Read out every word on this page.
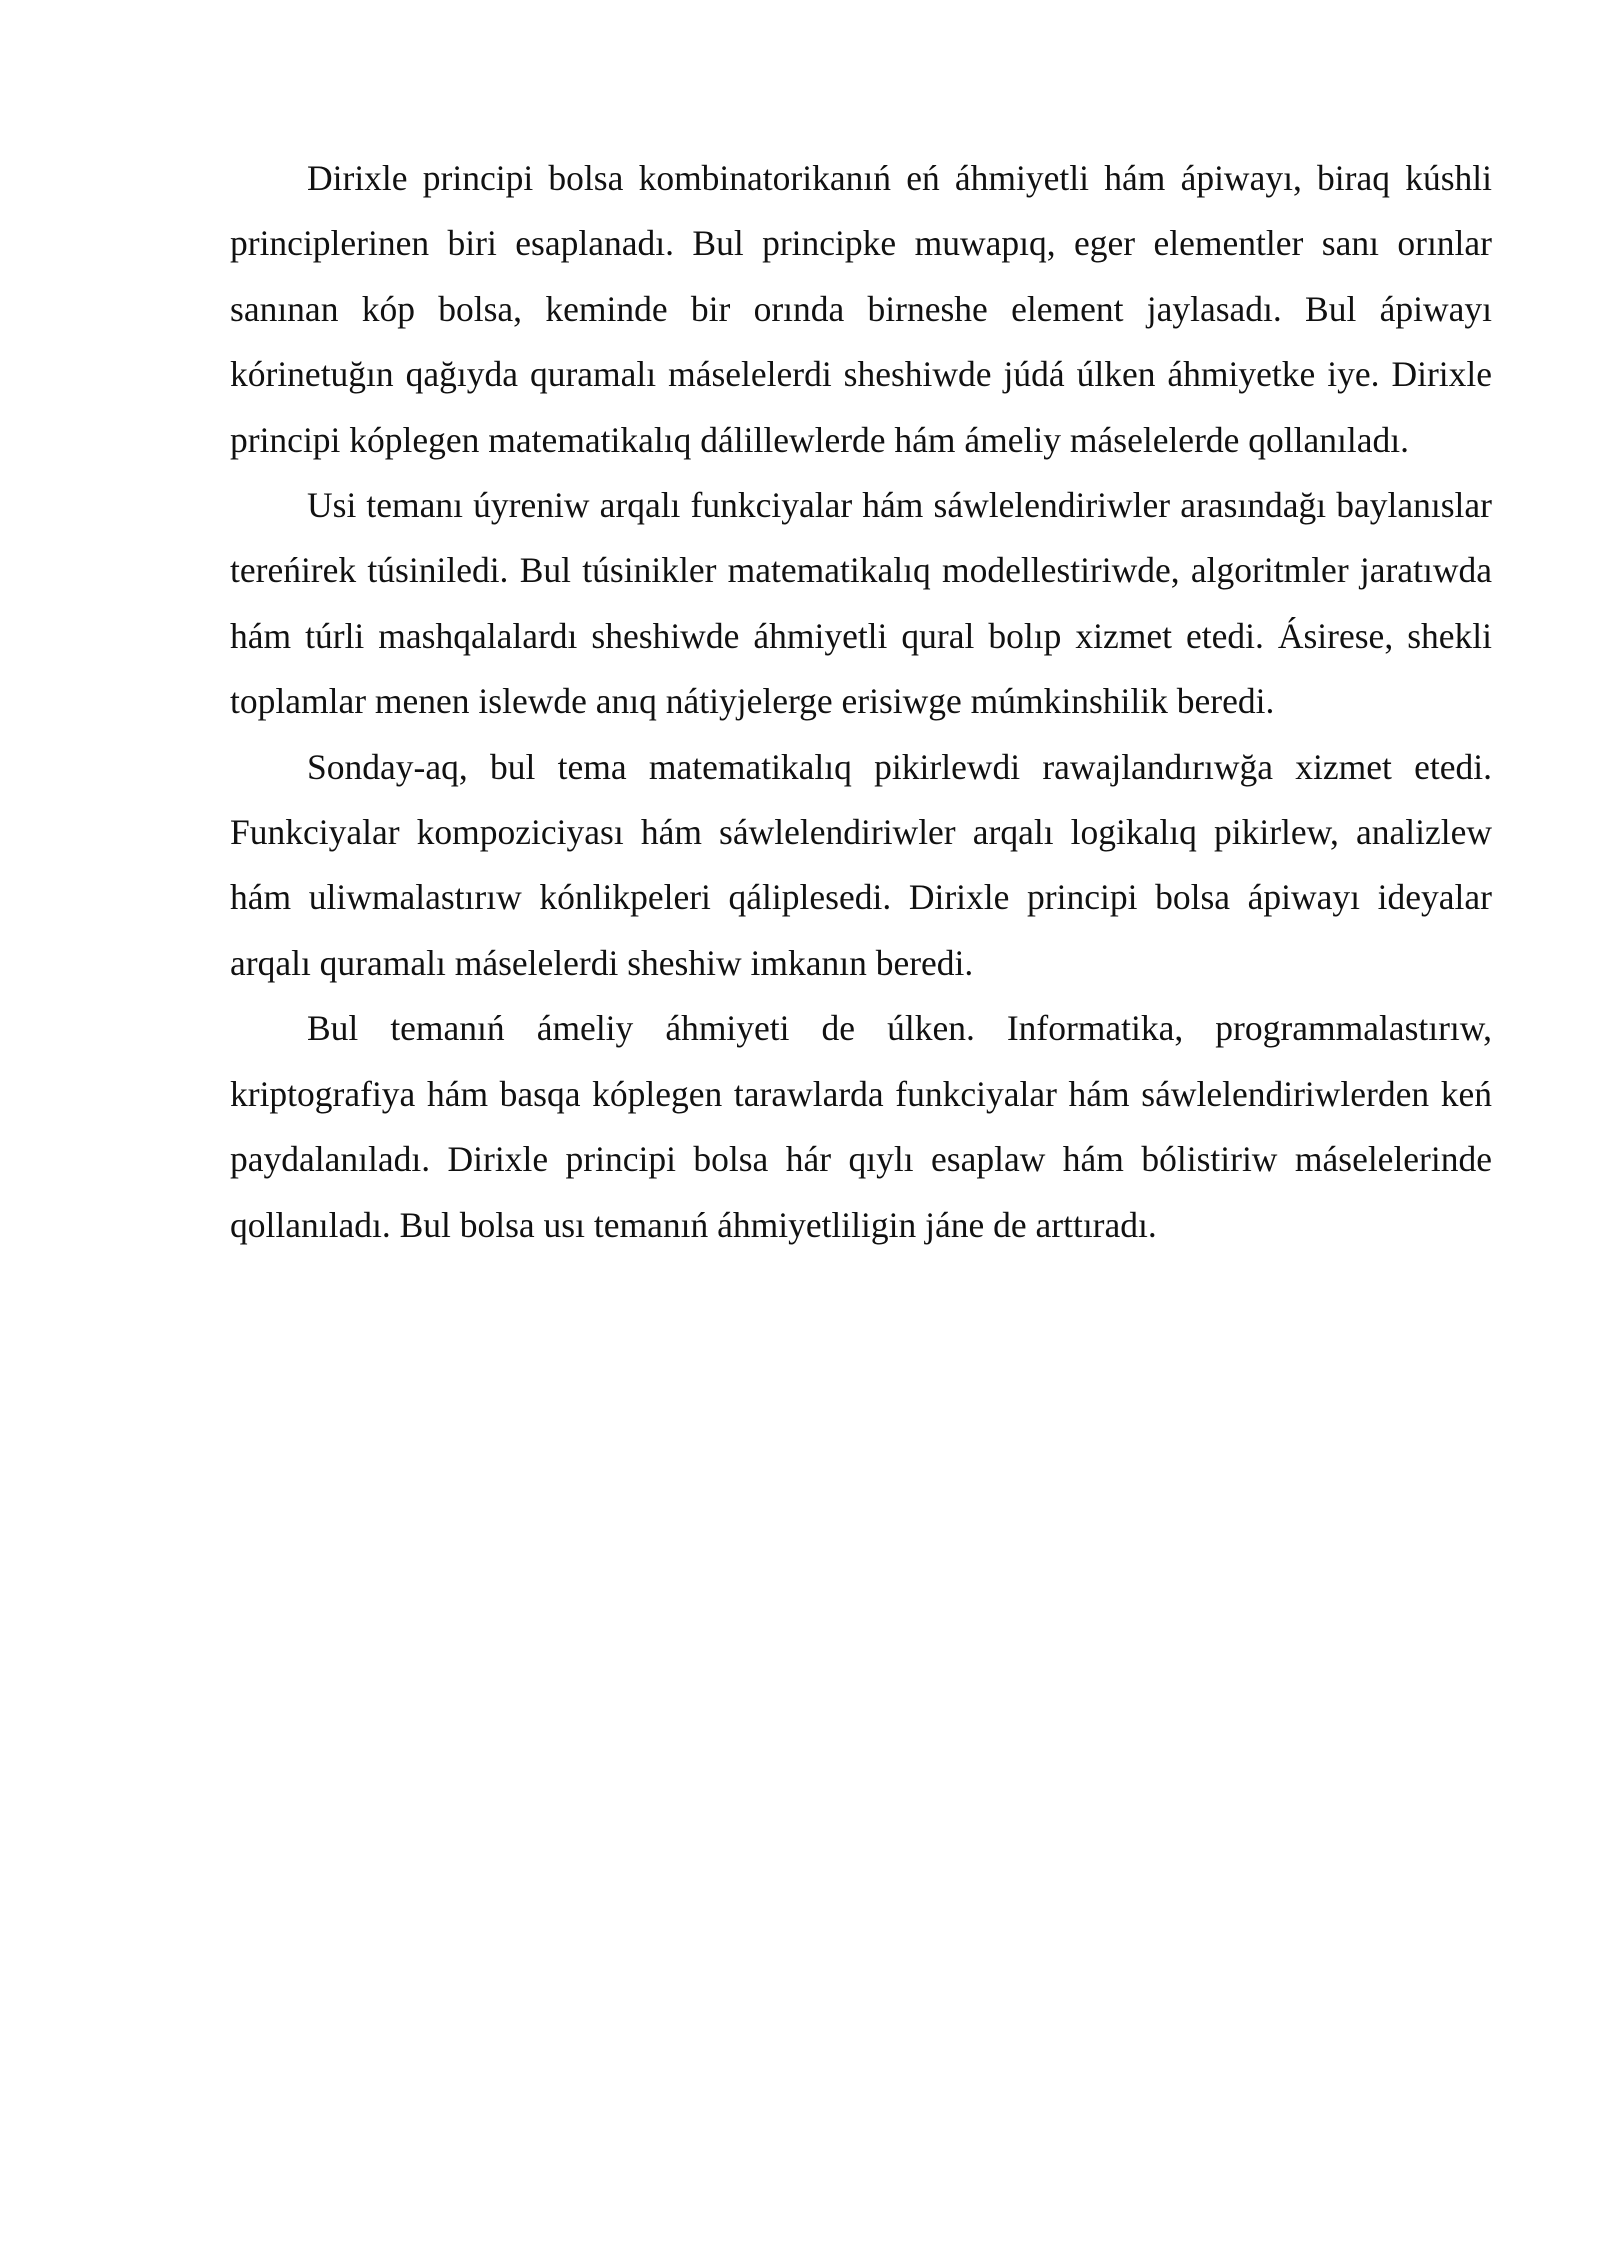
Dirixle principi bolsa kombinatorikanıń eń áhmiyetli hám ápiwayı, biraq kúshli principlerinen biri esaplanadı. Bul principke muwapıq, eger elementler sanı orınlar sanınan kóp bolsa, keminde bir orında birneshe element jaylasadı. Bul ápiwayı kórinetuğın qağıyda quramalı máselelerdi sheshiwde júdá úlken áhmiyetke iye. Dirixle principi kóplegen matematikalıq dálillewlerde hám ámeliy máselelerde qollanıladı.

Usi temanı úyreniw arqalı funkciyalar hám sáwlelendiriwler arasındağı baylanıslar tereńirek túsiniledi. Bul túsinikler matematikalıq modellestiriwde, algoritmler jaratıwda hám túrli mashqalalardı sheshiwde áhmiyetli qural bolıp xizmet etedi. Ásirese, shekli toplamlar menen islewde anıq nátiyjelerge erisiwge múmkinshilik beredi.

Sonday-aq, bul tema matematikalıq pikirlewdi rawajlandırıwğa xizmet etedi. Funkciyalar kompoziciyası hám sáwlelendiriwler arqalı logikalıq pikirlew, analizlew hám uliwmalastırıw kónlikpeleri qáliplesedi. Dirixle principi bolsa ápiwayı ideyalar arqalı quramalı máselelerdi sheshiw imkanın beredi.

Bul temanıń ámeliy áhmiyeti de úlken. Informatika, programmalastırıw, kriptografiya hám basqa kóplegen tarawlarda funkciyalar hám sáwlelendiriwlerden keń paydalanıladı. Dirixle principi bolsa hár qıylı esaplaw hám bólistiriw máselelerinde qollanıladı. Bul bolsa usı temanıń áhmiyetliligin jáne de arttıradı.
